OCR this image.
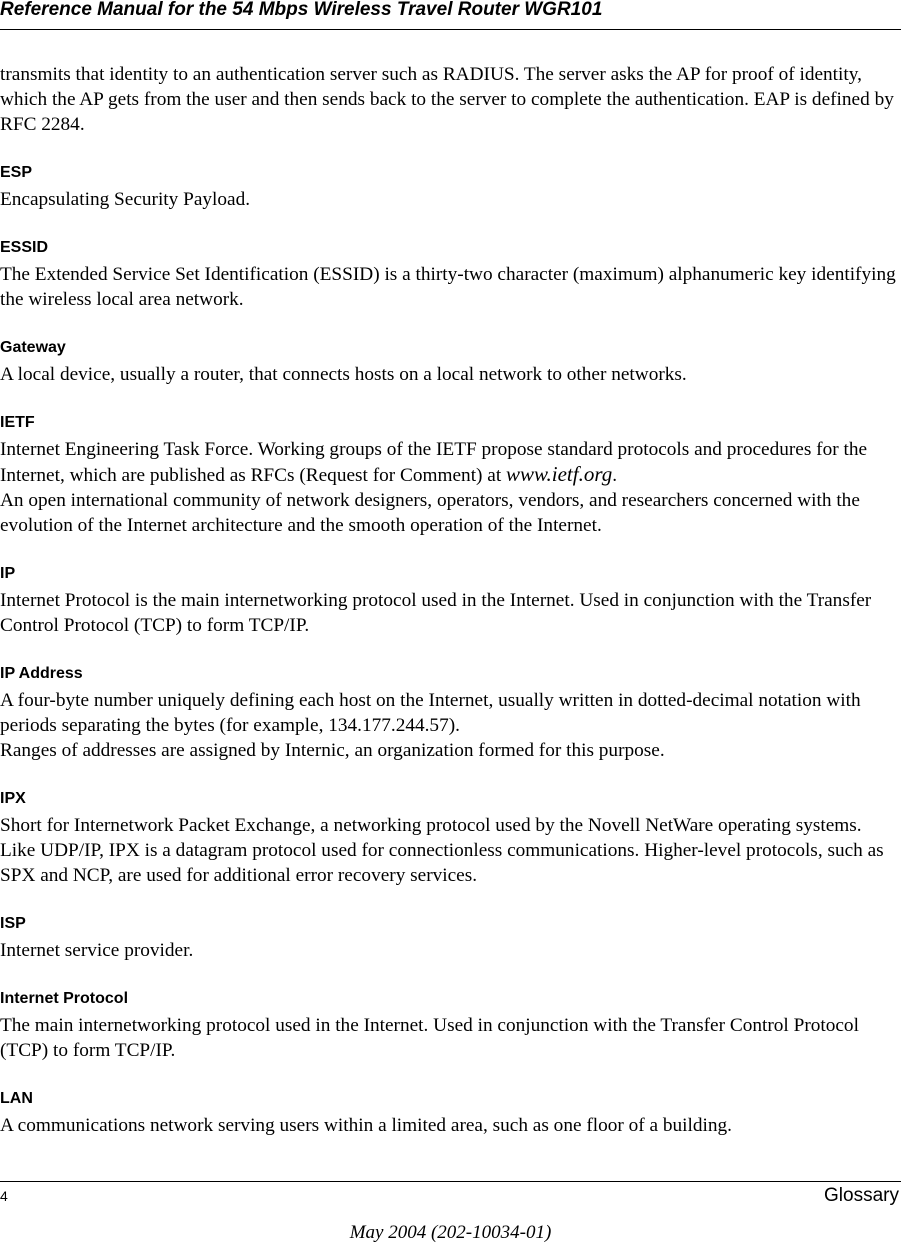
Reference Manual for the 54 Mbps Wireless Travel Router WGR101

transmits that identity to an authentication server such as RADIUS. The server asks the AP for proof of identity, which the AP gets from the user and then sends back to the server to complete the authentication. EAP is defined by RFC 2284.

ESP

Encapsulating Security Payload.

ESSID

The Extended Service Set Identification (ESSID) is a thirty-two character (maximum) alphanumeric key identifying the wireless local area network.

Gateway

A local device, usually a router, that connects hosts on a local network to other networks.

IETF

Internet Engineering Task Force. Working groups of the IETF propose standard protocols and procedures for the Internet, which are published as RFCs (Request for Comment) at www.ietf.org.

An open international community of network designers, operators, vendors, and researchers concerned with the evolution of the Internet architecture and the smooth operation of the Internet.

IP

Internet Protocol is the main internetworking protocol used in the Internet. Used in conjunction with the Transfer Control Protocol (TCP) to form TCP/IP.

IP Address

A four-byte number uniquely defining each host on the Internet, usually written in dotted-decimal notation with periods separating the bytes (for example, 134.177.244.57).

Ranges of addresses are assigned by Internic, an organization formed for this purpose.

IPX

Short for Internetwork Packet Exchange, a networking protocol used by the Novell NetWare operating systems.

Like UDP/IP, IPX is a datagram protocol used for connectionless communications. Higher-level protocols, such as SPX and NCP, are used for additional error recovery services.

ISP

Internet service provider.

Internet Protocol

The main internetworking protocol used in the Internet. Used in conjunction with the Transfer Control Protocol (TCP) to form TCP/IP.

LAN

A communications network serving users within a limited area, such as one floor of a building.

4	Glossary
May 2004 (202-10034-01)
